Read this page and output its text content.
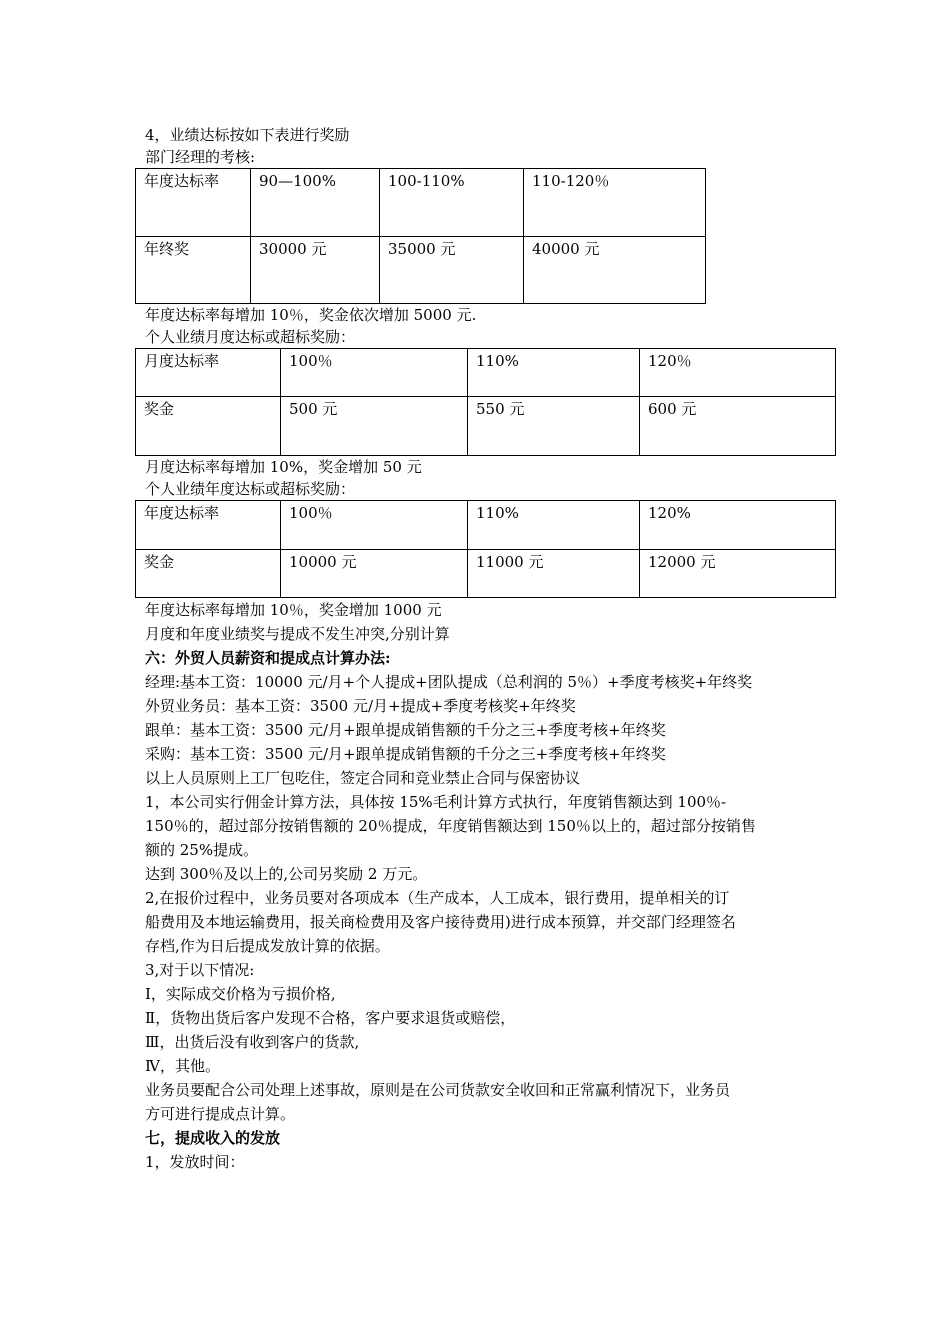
4，业绩达标按如下表进行奖励
部门经理的考核:
年度达标率	90—100%	100-110%	110-120％
年终奖	30000 元	35000 元	40000 元
年度达标率每增加 10％，奖金依次增加 5000 元.
个人业绩月度达标或超标奖励：
月度达标率	100％	110%	120％
奖金	500 元	550 元	600 元
月度达标率每增加 10%，奖金增加 50 元
个人业绩年度达标或超标奖励：
年度达标率	100％	110%	120%
奖金	10000 元	11000 元	12000 元
年度达标率每增加 10％，奖金增加 1000 元
月度和年度业绩奖与提成不发生冲突,分别计算
六：外贸人员薪资和提成点计算办法:
经理:基本工资：10000 元/月+个人提成+团队提成（总利润的 5％）+季度考核奖+年终奖
外贸业务员：基本工资：3500 元/月+提成+季度考核奖+年终奖
跟单：基本工资：3500 元/月+跟单提成销售额的千分之三+季度考核+年终奖
采购：基本工资：3500 元/月+跟单提成销售额的千分之三+季度考核+年终奖
以上人员原则上工厂包吃住，签定合同和竞业禁止合同与保密协议
1，本公司实行佣金计算方法，具体按 15%毛利计算方式执行，年度销售额达到 100％-
150％的，超过部分按销售额的 20％提成，年度销售额达到 150％以上的，超过部分按销售
额的 25%提成。
达到 300％及以上的,公司另奖励 2 万元。
2,在报价过程中，业务员要对各项成本（生产成本，人工成本，银行费用，提单相关的订
船费用及本地运输费用，报关商检费用及客户接待费用)进行成本预算，并交部门经理签名
存档,作为日后提成发放计算的依据。
3,对于以下情况:
Ⅰ，实际成交价格为亏损价格,
Ⅱ，货物出货后客户发现不合格，客户要求退货或赔偿，
Ⅲ，出货后没有收到客户的货款,
Ⅳ，其他。
业务员要配合公司处理上述事故，原则是在公司货款安全收回和正常赢利情况下，业务员
方可进行提成点计算。
七，提成收入的发放
1，发放时间：
